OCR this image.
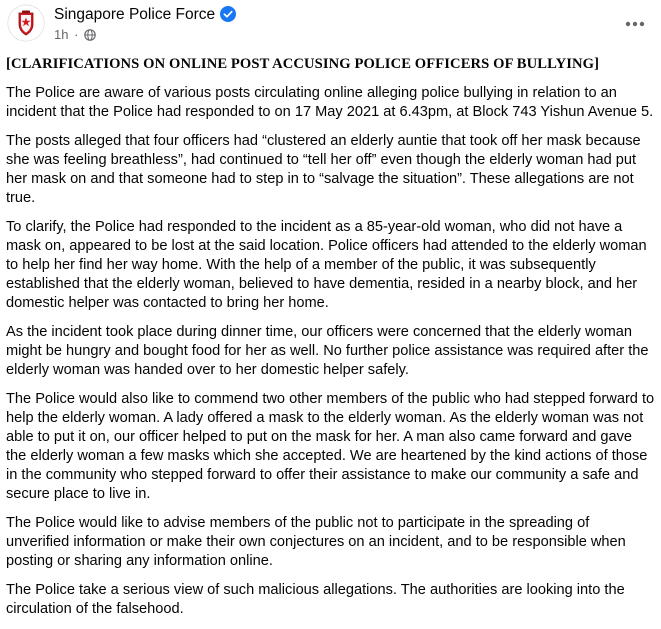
Singapore Police Force
1h ·

[CLARIFICATIONS ON ONLINE POST ACCUSING POLICE OFFICERS OF BULLYING]

The Police are aware of various posts circulating online alleging police bullying in relation to an incident that the Police had responded to on 17 May 2021 at 6.43pm, at Block 743 Yishun Avenue 5.

The posts alleged that four officers had “clustered an elderly auntie that took off her mask because she was feeling breathless”, had continued to “tell her off” even though the elderly woman had put her mask on and that someone had to step in to “salvage the situation”. These allegations are not true.

To clarify, the Police had responded to the incident as a 85-year-old woman, who did not have a mask on, appeared to be lost at the said location. Police officers had attended to the elderly woman to help her find her way home. With the help of a member of the public, it was subsequently established that the elderly woman, believed to have dementia, resided in a nearby block, and her domestic helper was contacted to bring her home.

As the incident took place during dinner time, our officers were concerned that the elderly woman might be hungry and bought food for her as well. No further police assistance was required after the elderly woman was handed over to her domestic helper safely.

The Police would also like to commend two other members of the public who had stepped forward to help the elderly woman. A lady offered a mask to the elderly woman. As the elderly woman was not able to put it on, our officer helped to put on the mask for her. A man also came forward and gave the elderly woman a few masks which she accepted. We are heartened by the kind actions of those in the community who stepped forward to offer their assistance to make our community a safe and secure place to live in.

The Police would like to advise members of the public not to participate in the spreading of unverified information or make their own conjectures on an incident, and to be responsible when posting or sharing any information online.

The Police take a serious view of such malicious allegations. The authorities are looking into the circulation of the falsehood.
